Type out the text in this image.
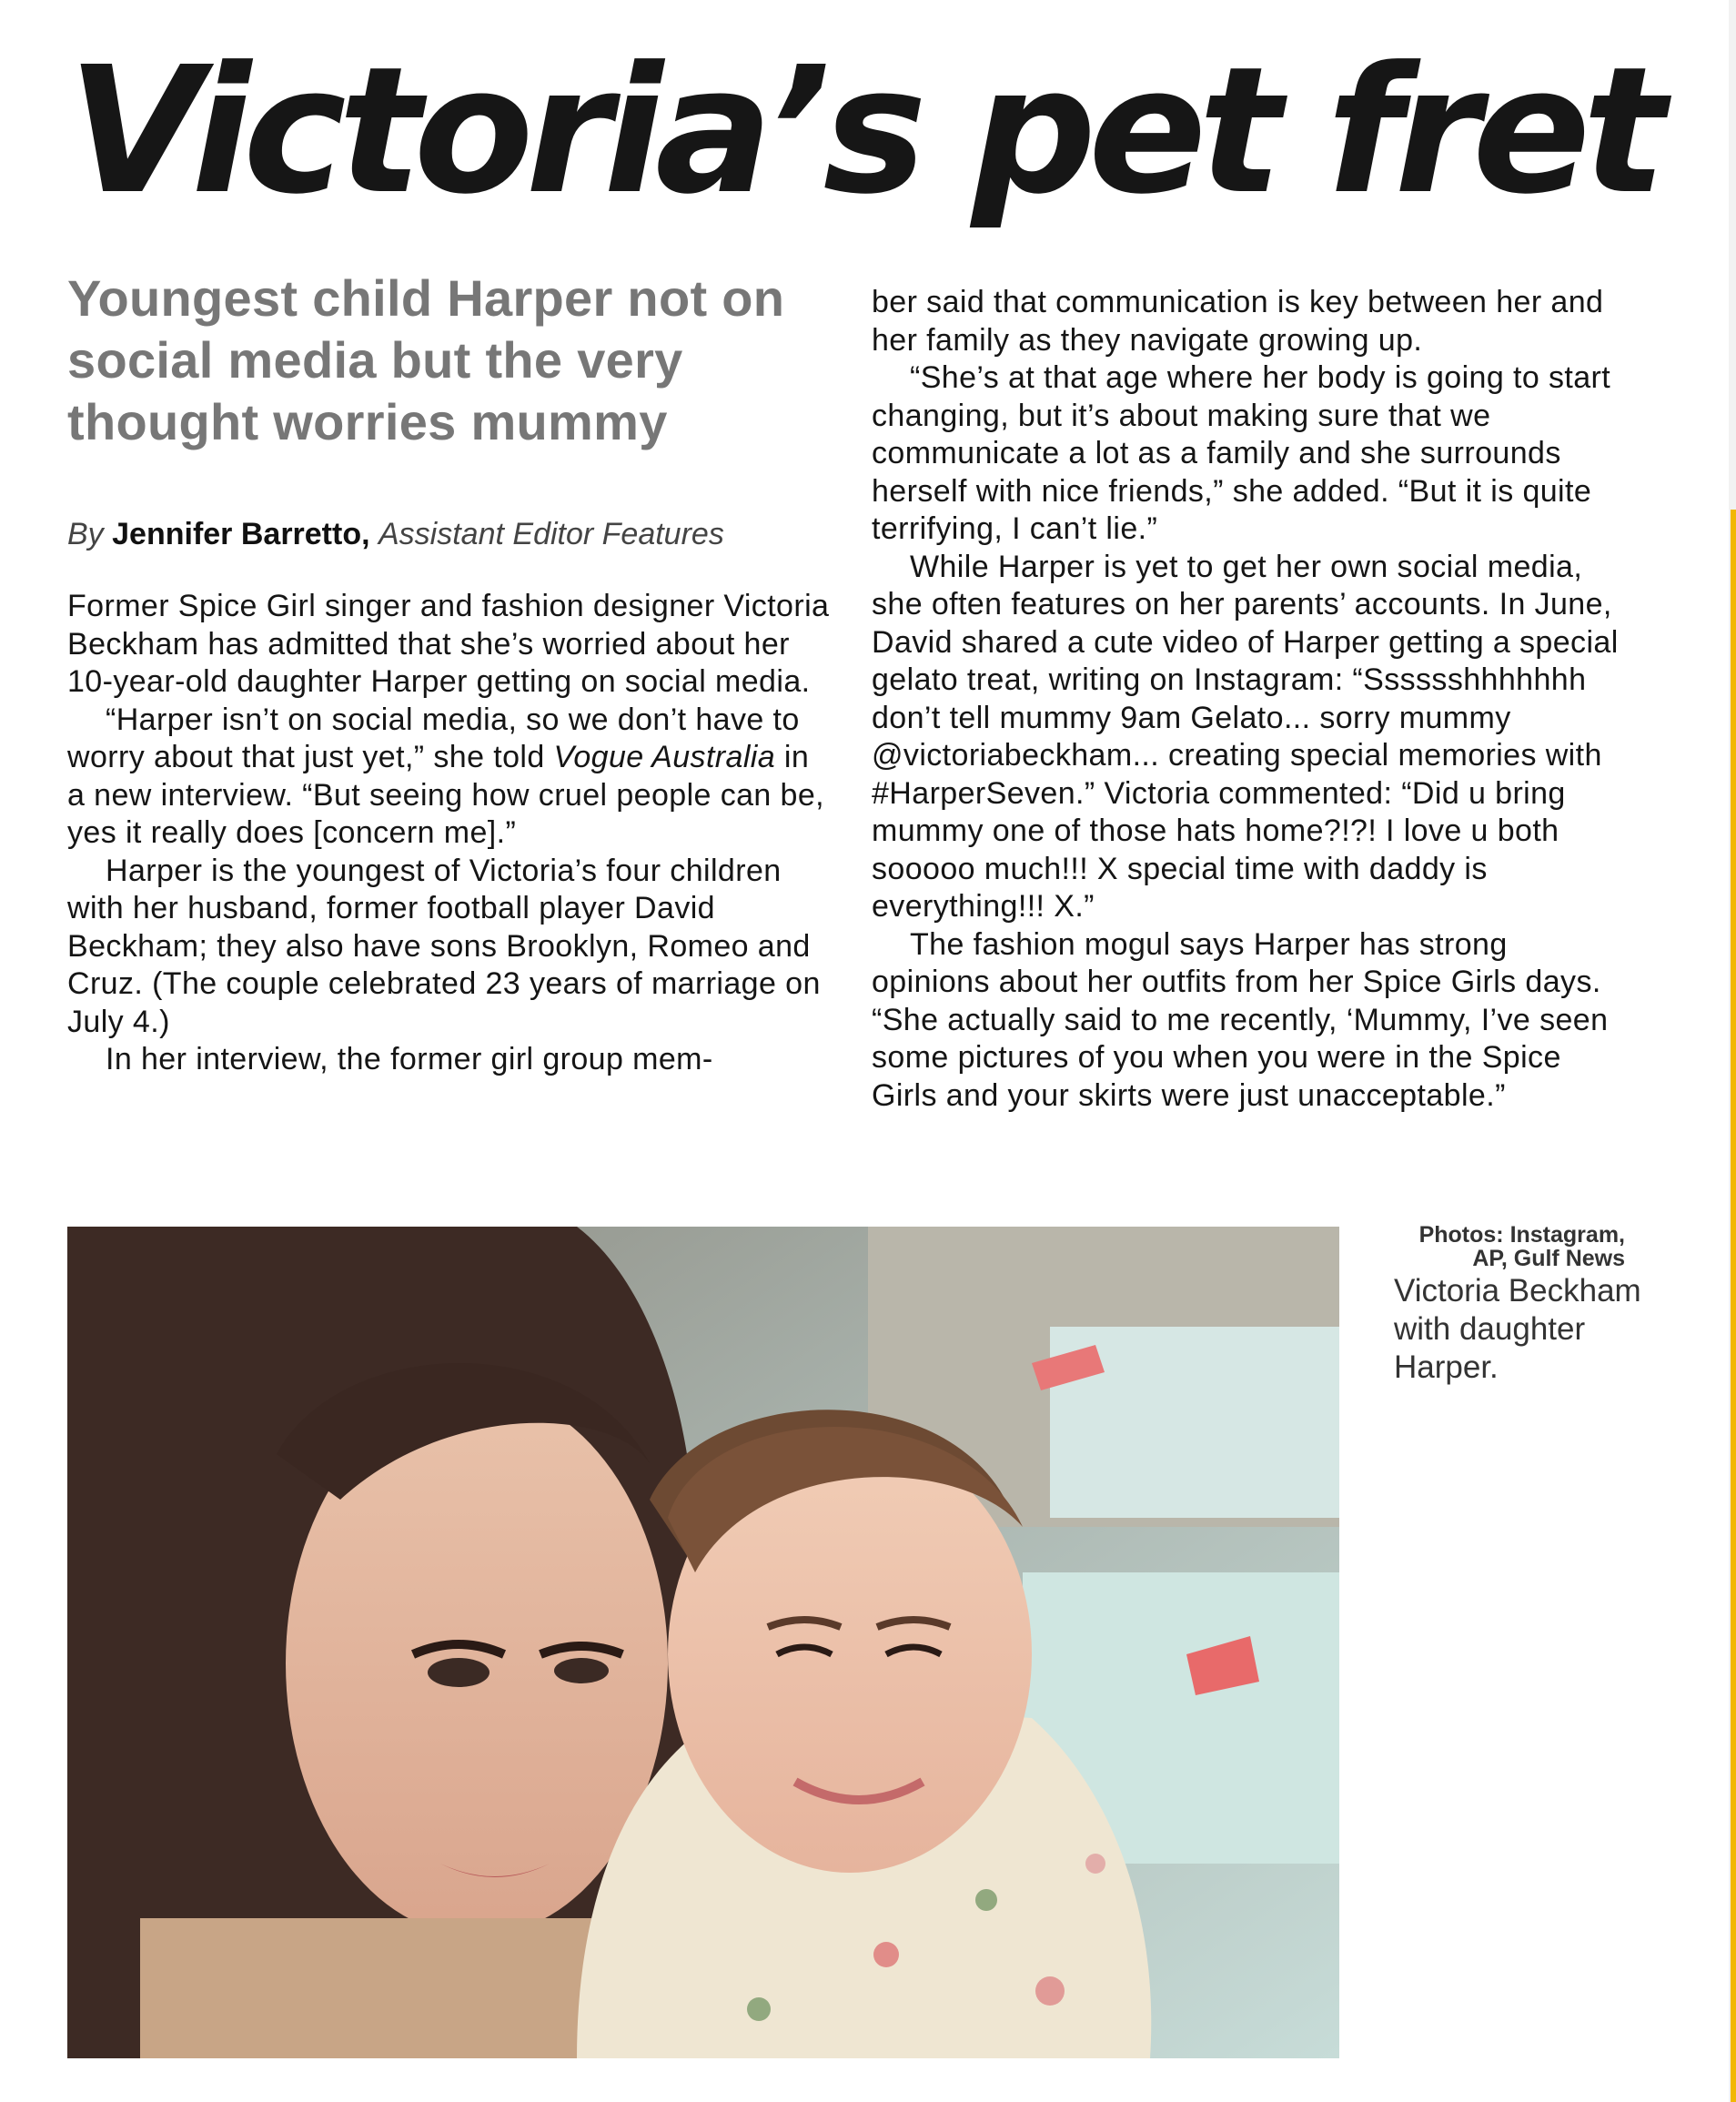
Victoria’s pet fret
Youngest child Harper not on social media but the very thought worries mummy
By Jennifer Barretto, Assistant Editor Features

Former Spice Girl singer and fashion designer Victoria Beckham has admitted that she’s worried about her 10-year-old daughter Harper getting on social media.

“Harper isn’t on social media, so we don’t have to worry about that just yet,” she told Vogue Australia in a new interview. “But seeing how cruel people can be, yes it really does [concern me].”

Harper is the youngest of Victoria’s four children with her husband, former football player David Beckham; they also have sons Brooklyn, Romeo and Cruz. (The couple celebrated 23 years of marriage on July 4.)

In her interview, the former girl group mem-

ber said that communication is key between her and her family as they navigate growing up.

“She’s at that age where her body is going to start changing, but it’s about making sure that we communicate a lot as a family and she surrounds herself with nice friends,” she added. “But it is quite terrifying, I can’t lie.”

While Harper is yet to get her own social media, she often features on her parents’ accounts. In June, David shared a cute video of Harper getting a special gelato treat, writing on Instagram: “Sssssshhhhhhh don’t tell mummy 9am Gelato... sorry mummy @victoriabeckham... creating special memories with #HarperSeven.” Victoria commented: “Did u bring mummy one of those hats home?!?! I love u both sooooo much!!! X special time with daddy is everything!!! X.”

The fashion mogul says Harper has strong opinions about her outfits from her Spice Girls days. “She actually said to me recently, ‘Mummy, I’ve seen some pictures of you when you were in the Spice Girls and your skirts were just unacceptable.”

Photos: Instagram,
AP, Gulf News
Victoria Beckham with daughter Harper.
